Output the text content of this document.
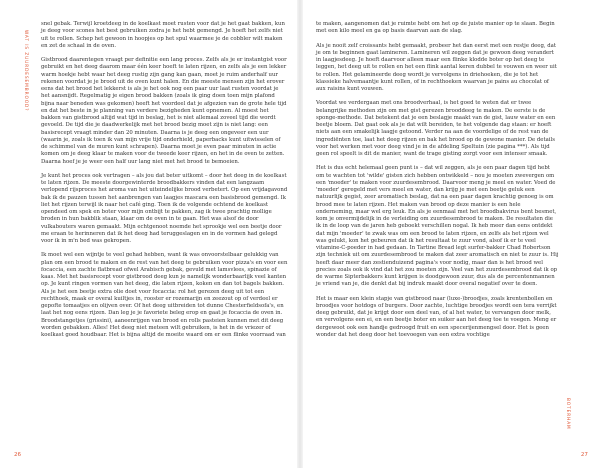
WAT IS ZUURDESEMBROOD?

snel gebak. Terwijl kroetdeeg in de koelkast moet rusten voor dat je het gaat bakken, kun je deeg voor scones het best gebruiken zodra je het hebt gemengd. Je hoeft het zelfs niet uit te rollen. Schep het gewoon in hoopjes op het spul waarmee je de cobbler wilt maken en zet de schaal in de oven.

Gistbrood daarentegen vraagt per definitie een lang proces. Zelfs als je er instantgist voor gebruikt en het deeg daarom maar één keer hoeft te laten rijzen, en zelfs als je een lekker warm hoekje hebt waar het deeg rustig zijn gang kan gaan, moet je ruim anderhalf uur rekenen voordat je je brood uit de oven kunt halen. En die meeste mensen zijn het erover eens dat het brood het lekkerst is als je het ook nog een paar uur laat rusten voordat je het aansnijdt. Regelmatig je eigen brood bakken (zoals ik ging doen toen mijn plafond bijna naar beneden was gekomen) heeft het voordeel dat je afgezien van de grote hele tijd en dat het beste in je planning van verdere bezigheden kunt opnemen. Al moest het bakken van gistbrood altijd wat tijd in beslag, het is niet allemaal zoveel tijd die wordt gevoeld. De tijd die je daadwerkelijk met het brood bezig moet zijn is niet lang: een basisrecept vraagt minder dan 20 minuten. Daarna is je deeg een ongeveer een uur (waarin je, zoals ik toen ik van mijn vrije tijd onderhield, paperbacks kunt uitwisselen of de schimmel van de muren kunt schrapen). Daarna moet je even paar minuten in actie komen om je deeg klaar te maken voor de tweede keer rijzen, en het in de oven te zetten. Daarna hoef je je weer een half uur lang niet met het brood te bemoeien.

Je kunt het proces ook vertragen – als jou dat beter uitkomt – door het deeg in de koelkast te laten rijzen. De meeste doorgewinterde broodbakkers vinden dat een langzaam verlopend rijsproces het aroma van het uiteindelijke brood verbetert. Op een vrijdagavond bak ik de pauzen tussen het aanbrengen van laagjes mascara een basisbrood gemengd. Ik liet het rijzen terwijl ik naar het café ging. Toen ik de volgende ochtend de koelkast opendeed om spek en boter voor mijn ontbijt te pakken, zag ik twee prachtig mollige broden in hun bakblik staan, klaar om de oven in te gaan. Het was alsof de door vulkabouters waren gemaakt. Mijn echtgenoot noemde het sprookje wel een beetje door me eraan te herinneren dat ik het deeg had teruggeslagen en in de vormen had gelegd voor ik in m'n bed was gekropen.

Ik moet wel een wijntje te veel gehad hebben, want ik was onvoorstelbaar gelukkig van plan om een brood te maken en de rest van het deeg te gebruiken voor pizza's en voor een focaccia, een zachte flatbread ofwel Arabisch gebak, gevuld met lamsvlees, spinazie of kaas. Met het basisrecept voor gistbrood deeg kun je namelijk wonderbaarlijk veel kanten op. Je kunt ringen vormen van het deeg, die laten rijzen, koken en dan tot bagels bakken. Als je het een beetje extra olie doet voor focaccia: rol het gerezen deeg uit tot een rechthoek, maak er overal kuiltjes in, rooster er rozemarijn en zeezout op of verdeel er gepofte tomaatjes en olijven over. Of het deeg uitbreiden tot dunne Chesterfieldsofa's, en laat het nog eens rijzen. Dan leg je je favoriete beleg erop en gaat je focaccia de oven in. Broodstangetjes (grissini), aaneenrijgen van brood en rolls pasteien kunnen met dit deeg worden gebakken. Alles! Het deeg niet meteen wilt gebruiken, is het in de vriezer of koelkast goed houdbaar. Het is bijna altijd de moeite waard om er een flinke voorraad van

26

te maken, aangenomen dat je ruimte hebt om het op de juiste manier op te slaan. Begin met een kilo meel en ga op basis daarvan aan de slag.

Als je nooit zelf croissants hebt gemaakt, probeer het dan eerst met een restje deeg, dat je om te beginnen gaat lamineren. Lamineren wil zeggen dat je gewoon deeg verandert in laagjesdeeg. Je hoeft daarvoor alleen maar een flinke klodde boter op het deeg te leggen, het deeg uit te rollen en het een flink aantal keren dubbel te vouwen en weer uit te rollen. Het gelamineerde deeg wordt je vervolgens in driehoeken, die je tot het klassieke halvemaantje kunt rollen, of in rechthoeken waarvan je pains au chocolat of aux raisins kunt vouwen.

Voordat we verdergaan met ons broodverhaal, is het goed te weten dat er twee belangrijke methoden zijn om met gist gerezen brooddeeg te maken. De eerste is de sponge-methode. Dat betekent dat je een beslagje maakt van de gist, lauw water en een beetje bloem. Dat gaat ook als je dat wilt bereiden, te het volgende dag staan: er hoeft niets aan een smakelijk laagje getoond. Verder na aan de voordelige of de rest van de ingrediënten toe, laat het deeg rijzen en bak het brood op de gewone manier. De details voor het werken met voor deeg vind je in de afdeling Speltuin (zie pagina ***). Als tijd geen rol speelt is dit de manier, want de trage gisting zorgt voor een intenser smaak.

Het is dus echt helemaal geen punt is – dat wil zeggen, als je een paar dagen tijd hebt om te wachten tot 'wilde' gisten zich hebben ontwikkeld – nou je moeten zwevergen om een 'moeder' te maken voor zuurdesembrood. Daarvoor meng je meel en water. Voed de 'moeder' geregeld met vers meel en water, dan krijg je met een beetje geluk een natuurlijk gegist, zeer aromatisch beslag, dat na een paar dagen krachtig genoeg is om brood mee te laten rijzen. Het maken van brood op deze manier is een hele onderneming, maar wel erg leuk. En als je eenmaal met het broodbakvirus bent besmet, kom je onvermijdelijk in de verleiding om zuurdesembrood te maken. De resultaten die ik in de loop van de jaren heb geboekt verschillen nogal. Ik heb meer dan eens ontdekt dat mijn 'moeder' te zwak was om een brood te laten rijzen, en zelfs als het rijzen wel was gelukt, kon het gebeuren dat ik het resultaat te zuur vond, alsof ik er te veel vitamine-C-poeder in had gedaan. In Tartine Bread legt surfer-bakker Chad Robertson zijn techniek uit om zuurdesembrood te maken dat zeer aromatisch en niet te zuur is. Hij heeft daar meer dan zestienduizend pagina's voor nodig, maar dan is het brood wel precies zoals ook ik vind dat het zou moeten zijn. Veel van het zuurdesembrood dat ik op de warme Sipterbakkers kunt krijgen is doodgewoon zuur, dus als de percentenmannen je vriend van je, die denkt dat bij indruk maakt door overal negatief over te doen.

Het is maar een klein stapje van gistbrood naar (luxe-)broodjes, zoals krentenbollen en broodjes voor hotdogs of burgers. Door zachte, luchtige broodjes wordt een tera verrijkt deeg gebruikt, dat je krijgt door een deel van, of al het water, te vervangen door melk, en vervolgens een ei, en een beetje boter en suiker aan het deeg toe te voegen. Meng er dergewoot ook een handje gedroogd fruit en een specerijenmengsel door. Het is geen wonder dat het deeg door het toevoegen van een extra vochtige

BOTERHAM
27
